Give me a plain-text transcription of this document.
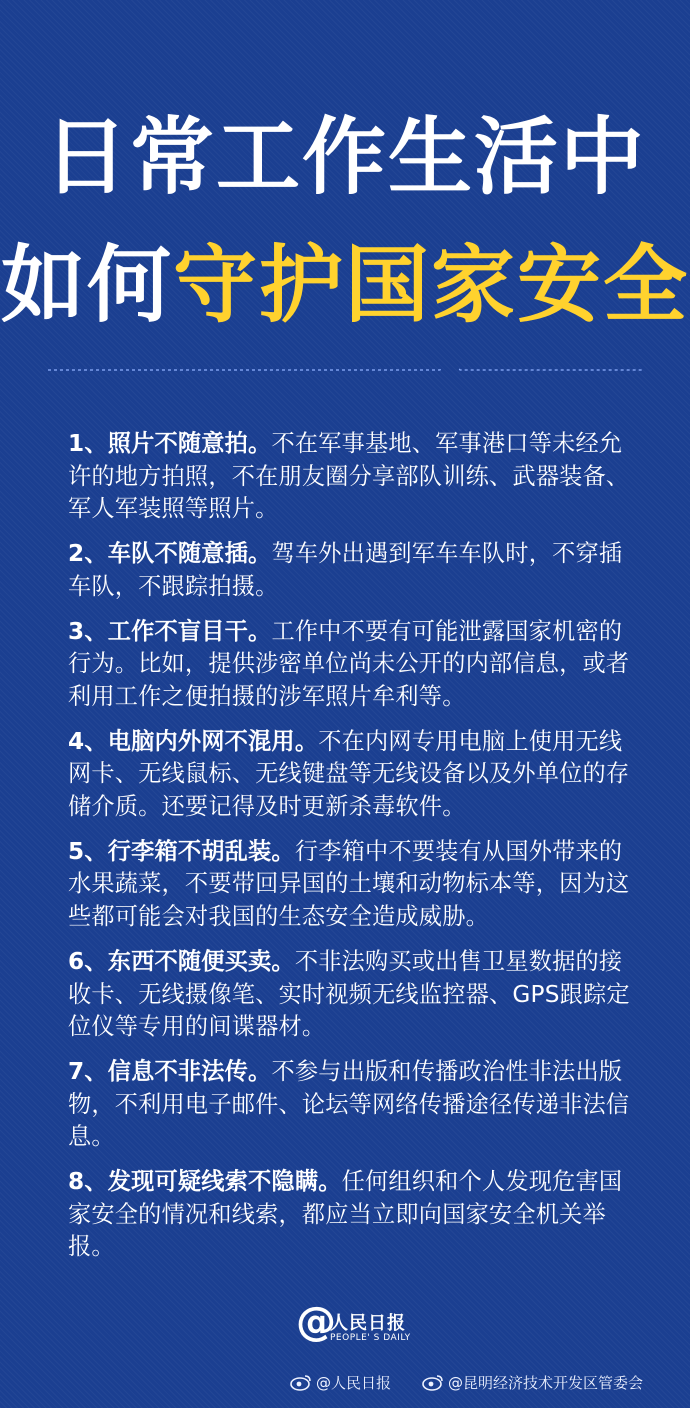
日常工作生活中
如何守护国家安全

1、照片不随意拍。不在军事基地、军事港口等未经允许的地方拍照，不在朋友圈分享部队训练、武器装备、军人军装照等照片。

2、车队不随意插。驾车外出遇到军车车队时，不穿插车队，不跟踪拍摄。

3、工作不盲目干。工作中不要有可能泄露国家机密的行为。比如，提供涉密单位尚未公开的内部信息，或者利用工作之便拍摄的涉军照片牟利等。

4、电脑内外网不混用。不在内网专用电脑上使用无线网卡、无线鼠标、无线键盘等无线设备以及外单位的存储介质。还要记得及时更新杀毒软件。

5、行李箱不胡乱装。行李箱中不要装有从国外带来的水果蔬菜，不要带回异国的土壤和动物标本等，因为这些都可能会对我国的生态安全造成威胁。

6、东西不随便买卖。不非法购买或出售卫星数据的接收卡、无线摄像笔、实时视频无线监控器、GPS跟踪定位仪等专用的间谍器材。

7、信息不非法传。不参与出版和传播政治性非法出版物，不利用电子邮件、论坛等网络传播途径传递非法信息。

8、发现可疑线索不隐瞒。任何组织和个人发现危害国家安全的情况和线索，都应当立即向国家安全机关举报。

@
人民日报
PEOPLE' S DAILY
@人民日报	@昆明经济技术开发区管委会
